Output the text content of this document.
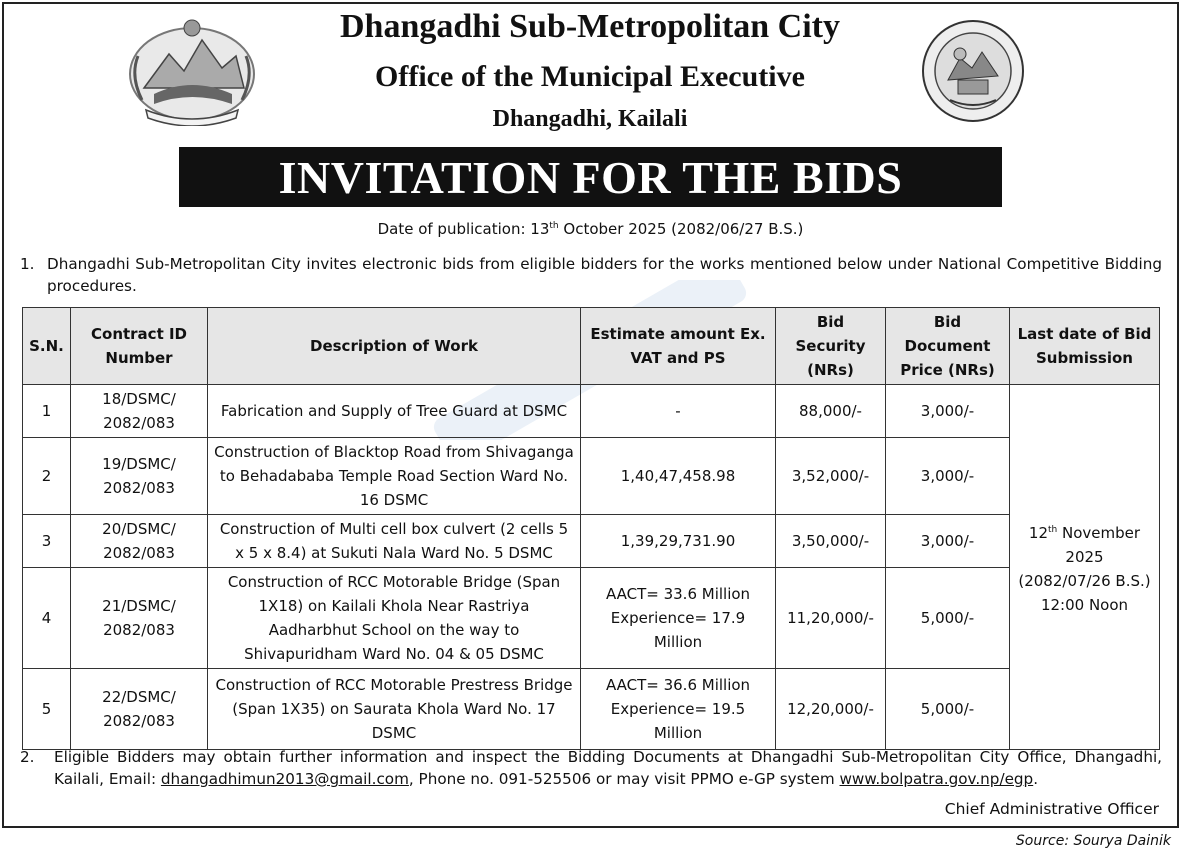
Dhangadhi Sub-Metropolitan City
Office of the Municipal Executive
Dhangadhi, Kailali
INVITATION FOR THE BIDS
Date of publication: 13th October 2025 (2082/06/27 B.S.)
1. Dhangadhi Sub-Metropolitan City invites electronic bids from eligible bidders for the works mentioned below under National Competitive Bidding procedures.
S.N.	Contract ID Number	Description of Work	Estimate amount Ex. VAT and PS	Bid Security (NRs)	Bid Document Price (NRs)	Last date of Bid Submission
1	18/DSMC/ 2082/083	Fabrication and Supply of Tree Guard at DSMC	-	88,000/-	3,000/-	12th November 2025
(2082/07/26 B.S.)
12:00 Noon

2	19/DSMC/ 2082/083	Construction of Blacktop Road from Shivaganga to Behadababa Temple Road Section Ward No. 16 DSMC	1,40,47,458.98	3,52,000/-	3,000/-	
3	20/DSMC/ 2082/083	Construction of Multi cell box culvert (2 cells 5 x 5 x 8.4) at Sukuti Nala Ward No. 5 DSMC	1,39,29,731.90	3,50,000/-	3,000/-	
4	21/DSMC/ 2082/083	Construction of RCC Motorable Bridge (Span 1X18) on Kailali Khola Near Rastriya Aadharbhut School on the way to Shivapuridham Ward No. 04 & 05 DSMC	AACT= 33.6 Million
Experience= 17.9 Million	11,20,000/-	5,000/-	
5	22/DSMC/ 2082/083	Construction of RCC Motorable Prestress Bridge (Span 1X35) on Saurata Khola Ward No. 17 DSMC	AACT= 36.6 Million
Experience= 19.5 Million	12,20,000/-	5,000/-	
2.	Eligible Bidders may obtain further information and inspect the Bidding Documents at Dhangadhi Sub-Metropolitan City Office, Dhangadhi, Kailali, Email: dhangadhimun2013@gmail.com, Phone no. 091-525506 or may visit PPMO e-GP system www.bolpatra.gov.np/egp.
Chief Administrative Officer
Source: Sourya Dainik
